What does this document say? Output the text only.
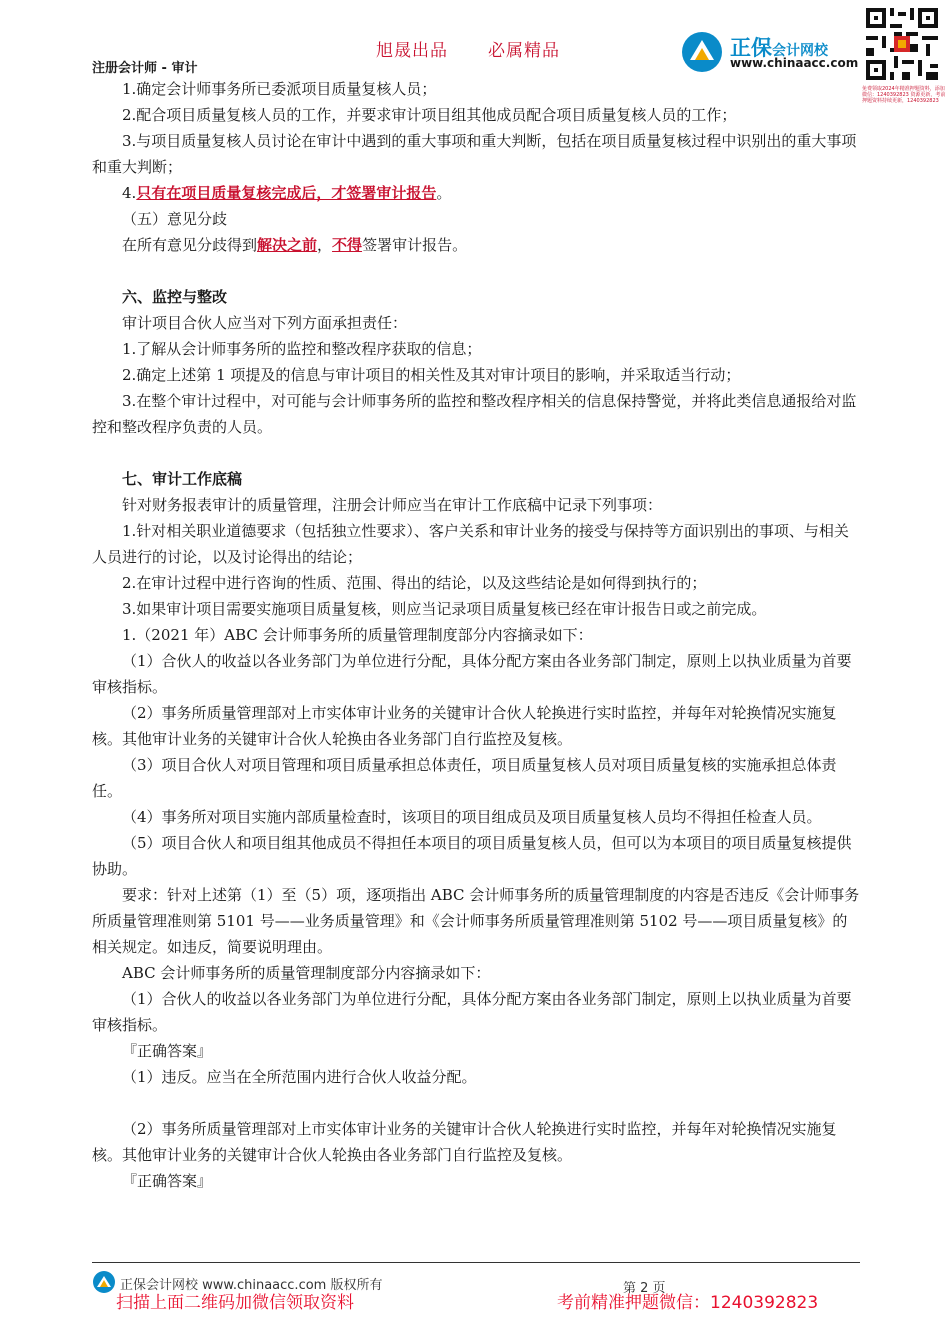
旭晟出品 必属精品
注册会计师 - 审计
正保会计网校
www.chinaacc.com
免费领取2024年精准押题资料，添加微信：1240392823 资源更新，考前押题资料持续更新，1240392823

1.确定会计师事务所已委派项目质量复核人员；

2.配合项目质量复核人员的工作，并要求审计项目组其他成员配合项目质量复核人员的工作；

3.与项目质量复核人员讨论在审计中遇到的重大事项和重大判断，包括在项目质量复核过程中识别出的重大事项和重大判断；

4.只有在项目质量复核完成后，才签署审计报告。

（五）意见分歧

在所有意见分歧得到解决之前，不得签署审计报告。

六、监控与整改

审计项目合伙人应当对下列方面承担责任：

1.了解从会计师事务所的监控和整改程序获取的信息；

2.确定上述第 1 项提及的信息与审计项目的相关性及其对审计项目的影响，并采取适当行动；

3.在整个审计过程中，对可能与会计师事务所的监控和整改程序相关的信息保持警觉，并将此类信息通报给对监控和整改程序负责的人员。

七、审计工作底稿

针对财务报表审计的质量管理，注册会计师应当在审计工作底稿中记录下列事项：

1.针对相关职业道德要求（包括独立性要求）、客户关系和审计业务的接受与保持等方面识别出的事项、与相关人员进行的讨论，以及讨论得出的结论；

2.在审计过程中进行咨询的性质、范围、得出的结论，以及这些结论是如何得到执行的；

3.如果审计项目需要实施项目质量复核，则应当记录项目质量复核已经在审计报告日或之前完成。

1.（2021 年）ABC 会计师事务所的质量管理制度部分内容摘录如下：

（1）合伙人的收益以各业务部门为单位进行分配，具体分配方案由各业务部门制定，原则上以执业质量为首要审核指标。

（2）事务所质量管理部对上市实体审计业务的关键审计合伙人轮换进行实时监控，并每年对轮换情况实施复核。其他审计业务的关键审计合伙人轮换由各业务部门自行监控及复核。

（3）项目合伙人对项目管理和项目质量承担总体责任，项目质量复核人员对项目质量复核的实施承担总体责任。

（4）事务所对项目实施内部质量检查时，该项目的项目组成员及项目质量复核人员均不得担任检查人员。

（5）项目合伙人和项目组其他成员不得担任本项目的项目质量复核人员，但可以为本项目的项目质量复核提供协助。

要求：针对上述第（1）至（5）项，逐项指出 ABC 会计师事务所的质量管理制度的内容是否违反《会计师事务所质量管理准则第 5101 号——业务质量管理》和《会计师事务所质量管理准则第 5102 号——项目质量复核》的相关规定。如违反，简要说明理由。

ABC 会计师事务所的质量管理制度部分内容摘录如下：

（1）合伙人的收益以各业务部门为单位进行分配，具体分配方案由各业务部门制定，原则上以执业质量为首要审核指标。

『正确答案』

（1）违反。应当在全所范围内进行合伙人收益分配。

（2）事务所质量管理部对上市实体审计业务的关键审计合伙人轮换进行实时监控，并每年对轮换情况实施复核。其他审计业务的关键审计合伙人轮换由各业务部门自行监控及复核。

『正确答案』

正保会计网校 www.chinaacc.com 版权所有	第 2 页
扫描上面二维码加微信领取资料	考前精准押题微信：1240392823
